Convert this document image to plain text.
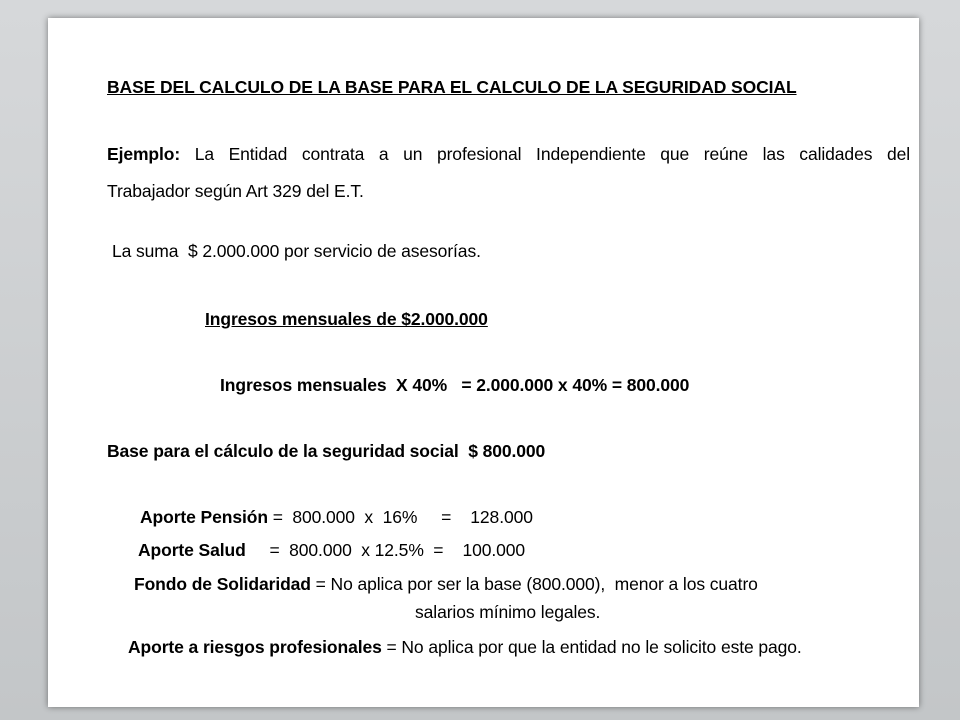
BASE DEL CALCULO DE LA BASE PARA EL CALCULO DE LA SEGURIDAD SOCIAL
Ejemplo: La Entidad contrata a un profesional Independiente que reúne las calidades del
Trabajador según Art 329 del E.T.
La suma  $ 2.000.000 por servicio de asesorías.
Ingresos mensuales de $2.000.000
Ingresos mensuales  X 40%   = 2.000.000 x 40% = 800.000
Base para el cálculo de la seguridad social  $ 800.000
Aporte Pensión =  800.000  x  16%     =    128.000
Aporte Salud =  800.000  x 12.5%  =    100.000
Fondo de Solidaridad = No aplica por ser la base (800.000),  menor a los cuatro
salarios mínimo legales.
Aporte a riesgos profesionales = No aplica por que la entidad no le solicito este pago.
